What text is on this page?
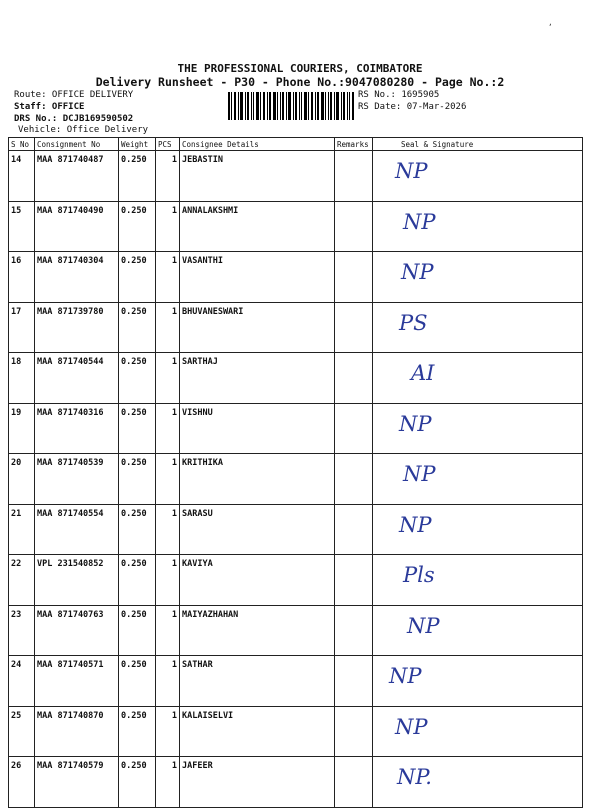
THE PROFESSIONAL COURIERS, COIMBATORE
Delivery Runsheet - P30 - Phone No.:9047080280 - Page No.:2
Route: OFFICE DELIVERY
Staff: OFFICE
DRS No.: DCJB169590502
Vehicle: Office Delivery
RS No.: 1695905
RS Date: 07-Mar-2026
,
S No	Consignment No	Weight	PCS	Consignee Details	Remarks	Seal & Signature
14	MAA 871740487	0.250	1	JEBASTIN		NP
15	MAA 871740490	0.250	1	ANNALAKSHMI		NP
16	MAA 871740304	0.250	1	VASANTHI		NP
17	MAA 871739780	0.250	1	BHUVANESWARI		PS
18	MAA 871740544	0.250	1	SARTHAJ		AI
19	MAA 871740316	0.250	1	VISHNU		NP
20	MAA 871740539	0.250	1	KRITHIKA		NP
21	MAA 871740554	0.250	1	SARASU		NP
22	VPL 231540852	0.250	1	KAVIYA		Pls
23	MAA 871740763	0.250	1	MAIYAZHAHAN		NP
24	MAA 871740571	0.250	1	SATHAR		NP
25	MAA 871740870	0.250	1	KALAISELVI		NP
26	MAA 871740579	0.250	1	JAFEER		NP.
